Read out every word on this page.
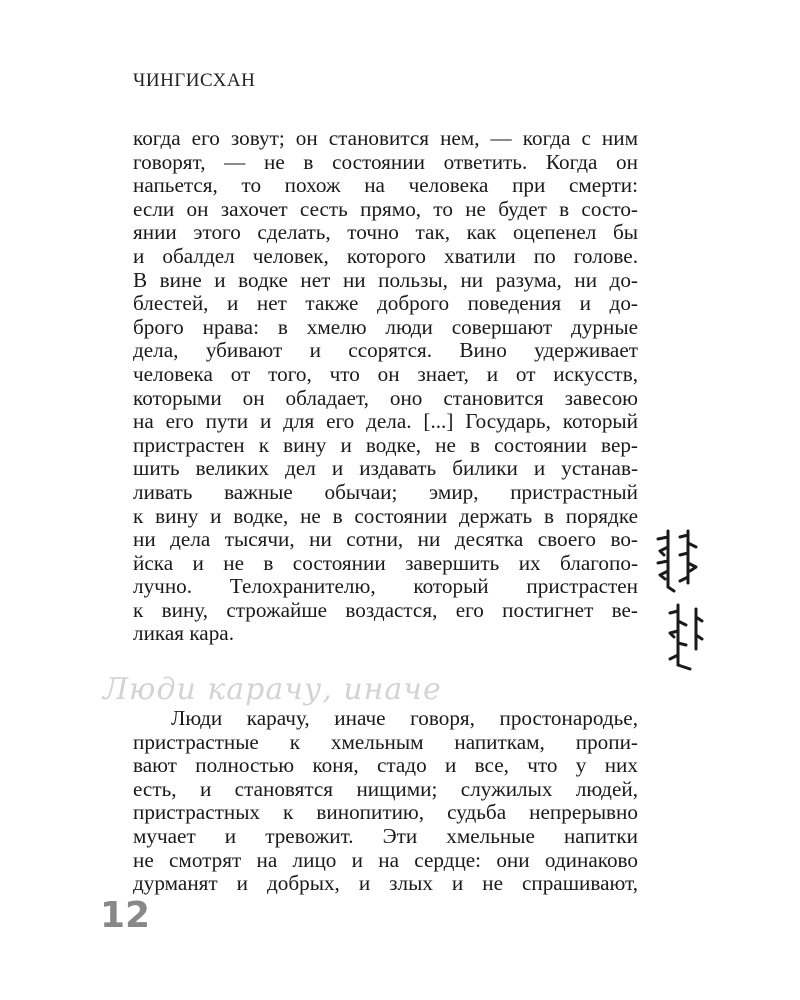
ЧИНГИСХАН
когда его зовут; он становится нем, — когда с ним
говорят, — не в состоянии ответить. Когда он
напьется, то похож на человека при смерти:
если он захочет сесть прямо, то не будет в состо-
янии этого сделать, точно так, как оцепенел бы
и обалдел человек, которого хватили по голове.
В вине и водке нет ни пользы, ни разума, ни до-
блестей, и нет также доброго поведения и до-
брого нрава: в хмелю люди совершают дурные
дела, убивают и ссорятся. Вино удерживает
человека от того, что он знает, и от искусств,
которыми он обладает, оно становится завесою
на его пути и для его дела. [...] Государь, который
пристрастен к вину и водке, не в состоянии вер-
шить великих дел и издавать билики и устанав-
ливать важные обычаи; эмир, пристрастный
к вину и водке, не в состоянии держать в порядке
ни дела тысячи, ни сотни, ни десятка своего во-
йска и не в состоянии завершить их благопо-
лучно. Телохранителю, который пристрастен
к вину, строжайше воздастся, его постигнет ве-
ликая кара.
Люди карачу, иначе
Люди карачу, иначе говоря, простонародье,
пристрастные к хмельным напиткам, пропи-
вают полностью коня, стадо и все, что у них
есть, и становятся нищими; служилых людей,
пристрастных к винопитию, судьба непрерывно
мучает и тревожит. Эти хмельные напитки
не смотрят на лицо и на сердце: они одинаково
дурманят и добрых, и злых и не спрашивают,
12
